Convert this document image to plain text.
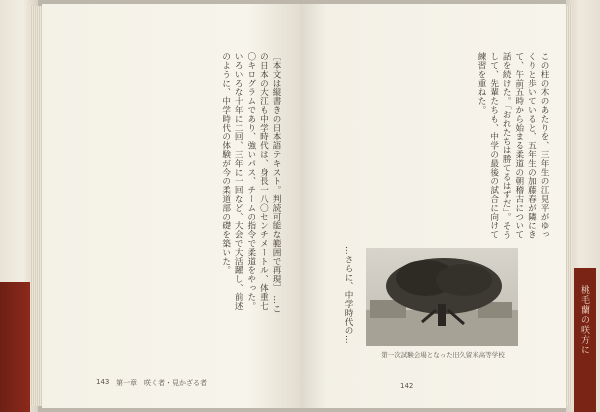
桃毛蘭の咲方に
〔本文は縦書きの日本語テキスト。判読可能な範囲で再現〕 …この日本の大江も中学時代は、身長一八〇センチメートル、体重七〇キログラムであり、強いパス、チームの指令で柔道をやった。いろいろな十年に二回、三年に一回など、大会で大活躍し、前述のように、中学時代の体験が今の柔道部の礎を築いた。
143 第一章　咲く者・見かざる者
この柱の木のあたりを、三年生の江見平がゆっくりと歩いていると、五年生の加藤春が隣にきて、午前五時から始まる柔道の朝稽古について話を続けた。「おれたちは勝てるはずだ」。そうして、先輩たちも、中学の最後の試合に向けて練習を重ねた。
…さらに、中学時代の…
第一次試験会場となった旧久留米高等学校
142
